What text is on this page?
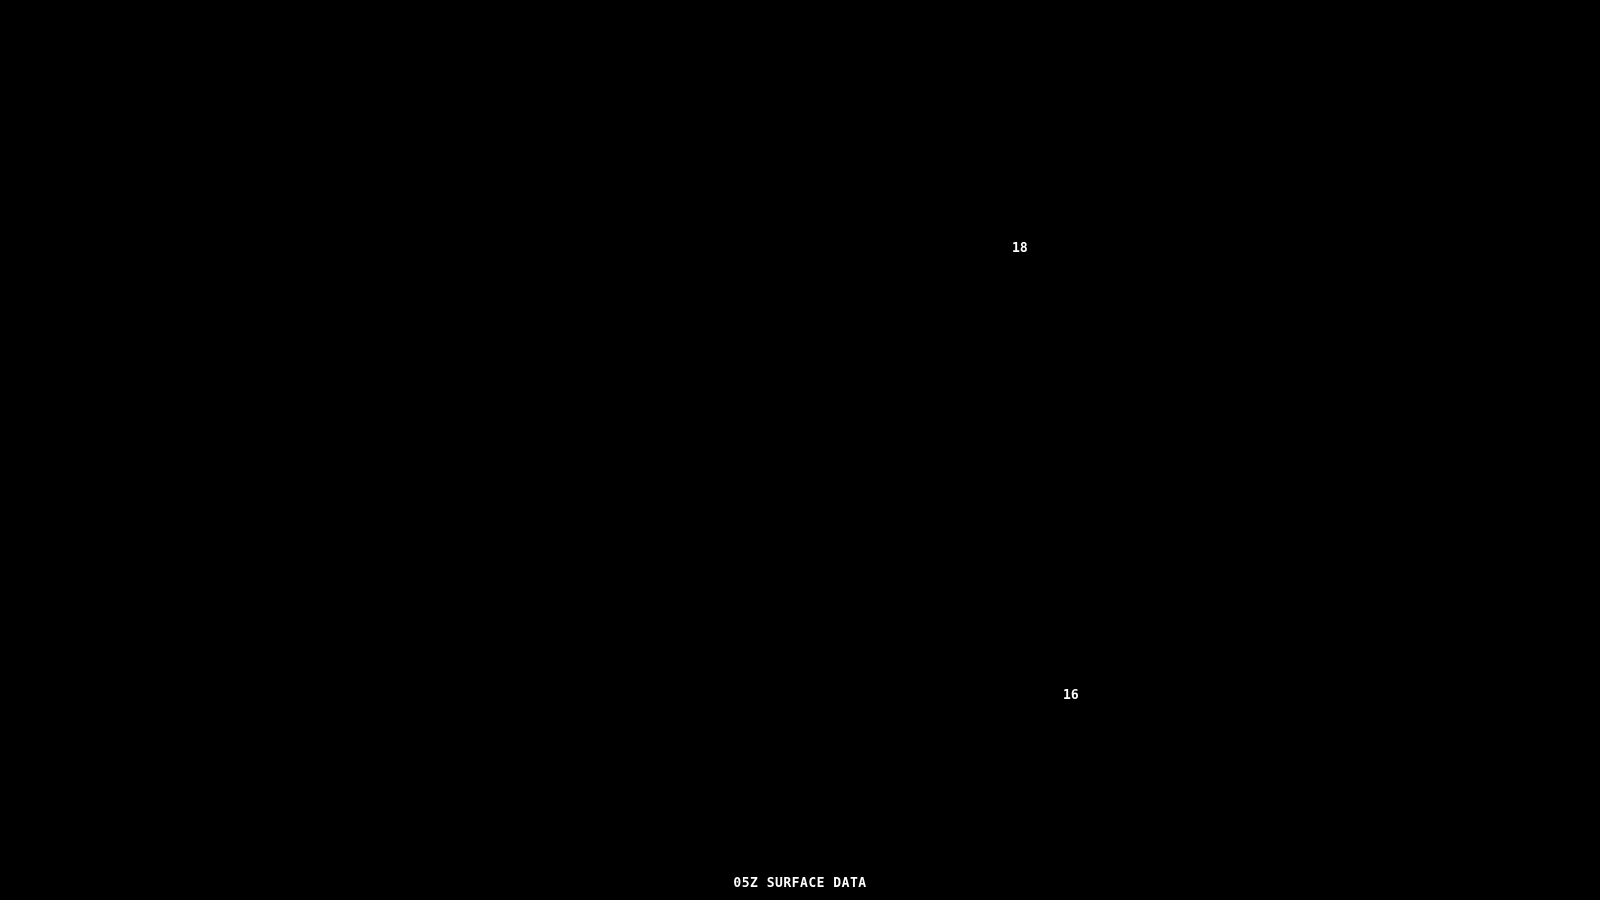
18
16
05Z SURFACE DATA
